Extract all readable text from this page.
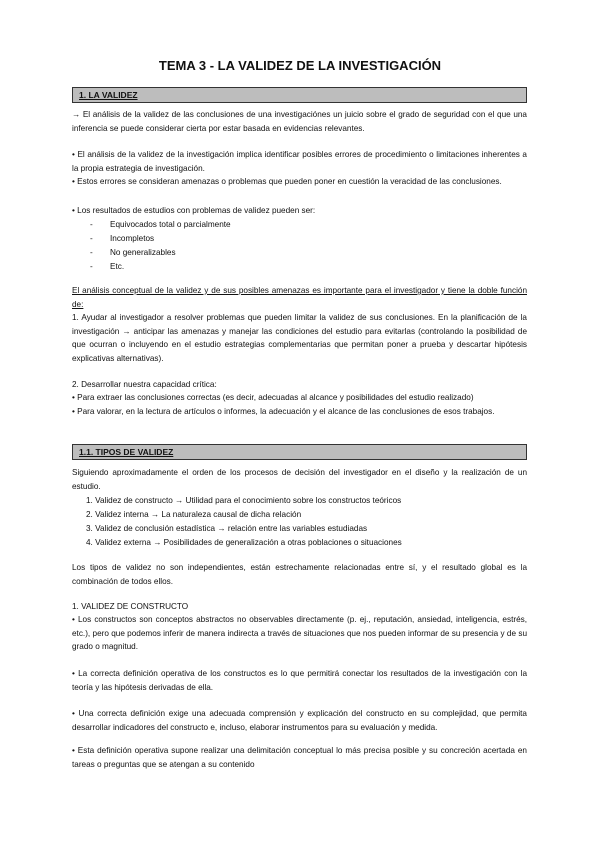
TEMA 3 - LA VALIDEZ DE LA INVESTIGACIÓN
1. LA VALIDEZ

→ El análisis de la validez de las conclusiones de una investigaciónes un juicio sobre el grado de seguridad con el que una inferencia se puede considerar cierta por estar basada en evidencias relevantes.

• El análisis de la validez de la investigación implica identificar posibles errores de procedimiento o limitaciones inherentes a la propia estrategia de investigación.

• Estos errores se consideran amenazas o problemas que pueden poner en cuestión la veracidad de las conclusiones.

• Los resultados de estudios con problemas de validez pueden ser:

- Equivocados total o parcialmente

- Incompletos

- No generalizables

- Etc.

El análisis conceptual de la validez y de sus posibles amenazas es importante para el investigador y tiene la doble función de:

1. Ayudar al investigador a resolver problemas que pueden limitar la validez de sus conclusiones. En la planificación de la investigación → anticipar las amenazas y manejar las condiciones del estudio para evitarlas (controlando la posibilidad de que ocurran o incluyendo en el estudio estrategias complementarias que permitan poner a prueba y descartar hipótesis explicativas alternativas).

2. Desarrollar nuestra capacidad crítica:

• Para extraer las conclusiones correctas (es decir, adecuadas al alcance y posibilidades del estudio realizado)

• Para valorar, en la lectura de artículos o informes, la adecuación y el alcance de las conclusiones de esos trabajos.

1.1. TIPOS DE VALIDEZ

Siguiendo aproximadamente el orden de los procesos de decisión del investigador en el diseño y la realización de un estudio.

1. Validez de constructo → Utilidad para el conocimiento sobre los constructos teóricos

2. Validez interna → La naturaleza causal de dicha relación

3. Validez de conclusión estadística → relación entre las variables estudiadas

4. Validez externa → Posibilidades de generalización a otras poblaciones o situaciones

Los tipos de validez no son independientes, están estrechamente relacionadas entre sí, y el resultado global es la combinación de todos ellos.

1. VALIDEZ DE CONSTRUCTO

• Los constructos son conceptos abstractos no observables directamente (p. ej., reputación, ansiedad, inteligencia, estrés, etc.), pero que podemos inferir de manera indirecta a través de situaciones que nos pueden informar de su presencia y de su grado o magnitud.

• La correcta definición operativa de los constructos es lo que permitirá conectar los resultados de la investigación con la teoría y las hipótesis derivadas de ella.

• Una correcta definición exige una adecuada comprensión y explicación del constructo en su complejidad, que permita desarrollar indicadores del constructo e, incluso, elaborar instrumentos para su evaluación y medida.

• Esta definición operativa supone realizar una delimitación conceptual lo más precisa posible y su concreción acertada en tareas o preguntas que se atengan a su contenido
